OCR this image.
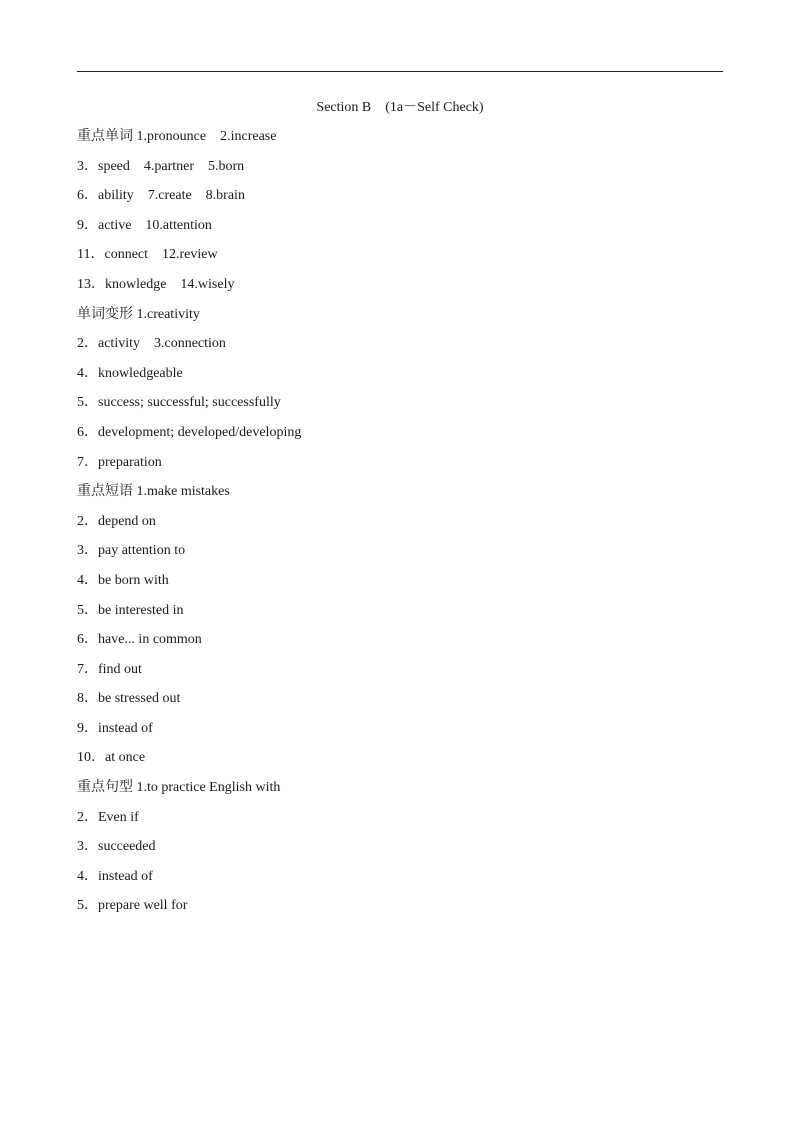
Section B　(1a－Self Check)
重点单词 1.pronounce　2.increase
3．speed　4.partner　5.born
6．ability　7.create　8.brain
9．active　10.attention
11．connect　12.review
13．knowledge　14.wisely
单词变形 1.creativity
2．activity　3.connection
4．knowledgeable
5．success; successful; successfully
6．development; developed/developing
7．preparation
重点短语 1.make mistakes
2．depend on
3．pay attention to
4．be born with
5．be interested in
6．have... in common
7．find out
8．be stressed out
9．instead of
10．at once
重点句型 1.to practice English with
2．Even if
3．succeeded
4．instead of
5．prepare well for
